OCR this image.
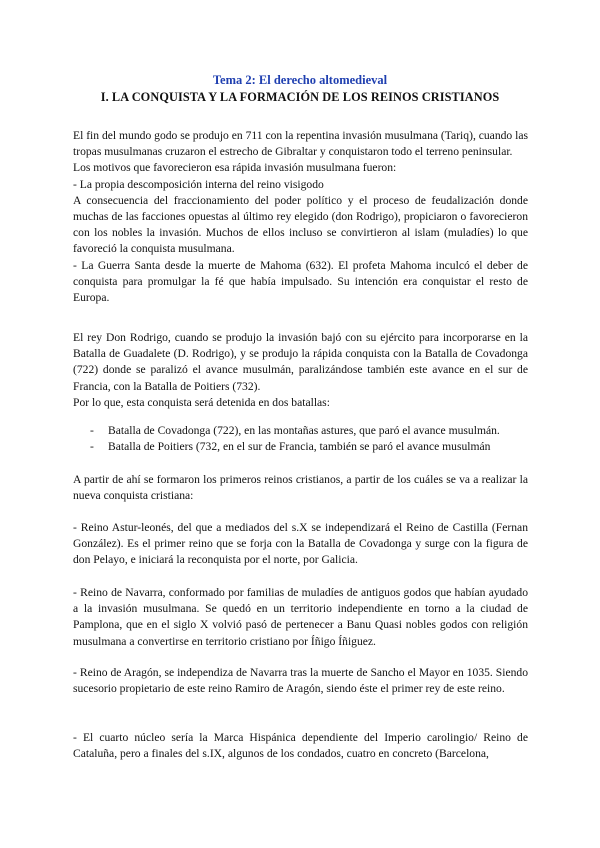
Tema 2: El derecho altomedieval
I. LA CONQUISTA Y LA FORMACIÓN DE LOS REINOS CRISTIANOS

El fin del mundo godo se produjo en 711 con la repentina invasión musulmana (Tariq), cuando las tropas musulmanas cruzaron el estrecho de Gibraltar y conquistaron todo el terreno peninsular.

Los motivos que favorecieron esa rápida invasión musulmana fueron:

- La propia descomposición interna del reino visigodo

A consecuencia del fraccionamiento del poder político y el proceso de feudalización donde muchas de las facciones opuestas al último rey elegido (don Rodrigo), propiciaron o favorecieron con los nobles la invasión. Muchos de ellos incluso se convirtieron al islam (muladíes) lo que favoreció la conquista musulmana.

- La Guerra Santa desde la muerte de Mahoma (632). El profeta Mahoma inculcó el deber de conquista para promulgar la fé que había impulsado. Su intención era conquistar el resto de Europa.

El rey Don Rodrigo, cuando se produjo la invasión bajó con su ejército para incorporarse en la Batalla de Guadalete (D. Rodrigo), y se produjo la rápida conquista con la Batalla de Covadonga (722) donde se paralizó el avance musulmán, paralizándose también este avance en el sur de Francia, con la Batalla de Poitiers (732).

Por lo que, esta conquista será detenida en dos batallas:

- Batalla de Covadonga (722), en las montañas astures, que paró el avance musulmán.
- Batalla de Poitiers (732, en el sur de Francia, también se paró el avance musulmán

A partir de ahí se formaron los primeros reinos cristianos, a partir de los cuáles se va a realizar la nueva conquista cristiana:

- Reino Astur-leonés, del que a mediados del s.X se independizará el Reino de Castilla (Fernan González). Es el primer reino que se forja con la Batalla de Covadonga y surge con la figura de don Pelayo, e iniciará la reconquista por el norte, por Galicia.

- Reino de Navarra, conformado por familias de muladíes de antiguos godos que habían ayudado a la invasión musulmana. Se quedó en un territorio independiente en torno a la ciudad de Pamplona, que en el siglo X volvió pasó de pertenecer a Banu Quasi nobles godos con religión musulmana a convertirse en territorio cristiano por Íñigo Íñiguez.

- Reino de Aragón, se independiza de Navarra tras la muerte de Sancho el Mayor en 1035. Siendo sucesorio propietario de este reino Ramiro de Aragón, siendo éste el primer rey de este reino.

- El cuarto núcleo sería la Marca Hispánica dependiente del Imperio carolingio/ Reino de Cataluña, pero a finales del s.IX, algunos de los condados, cuatro en concreto (Barcelona,
